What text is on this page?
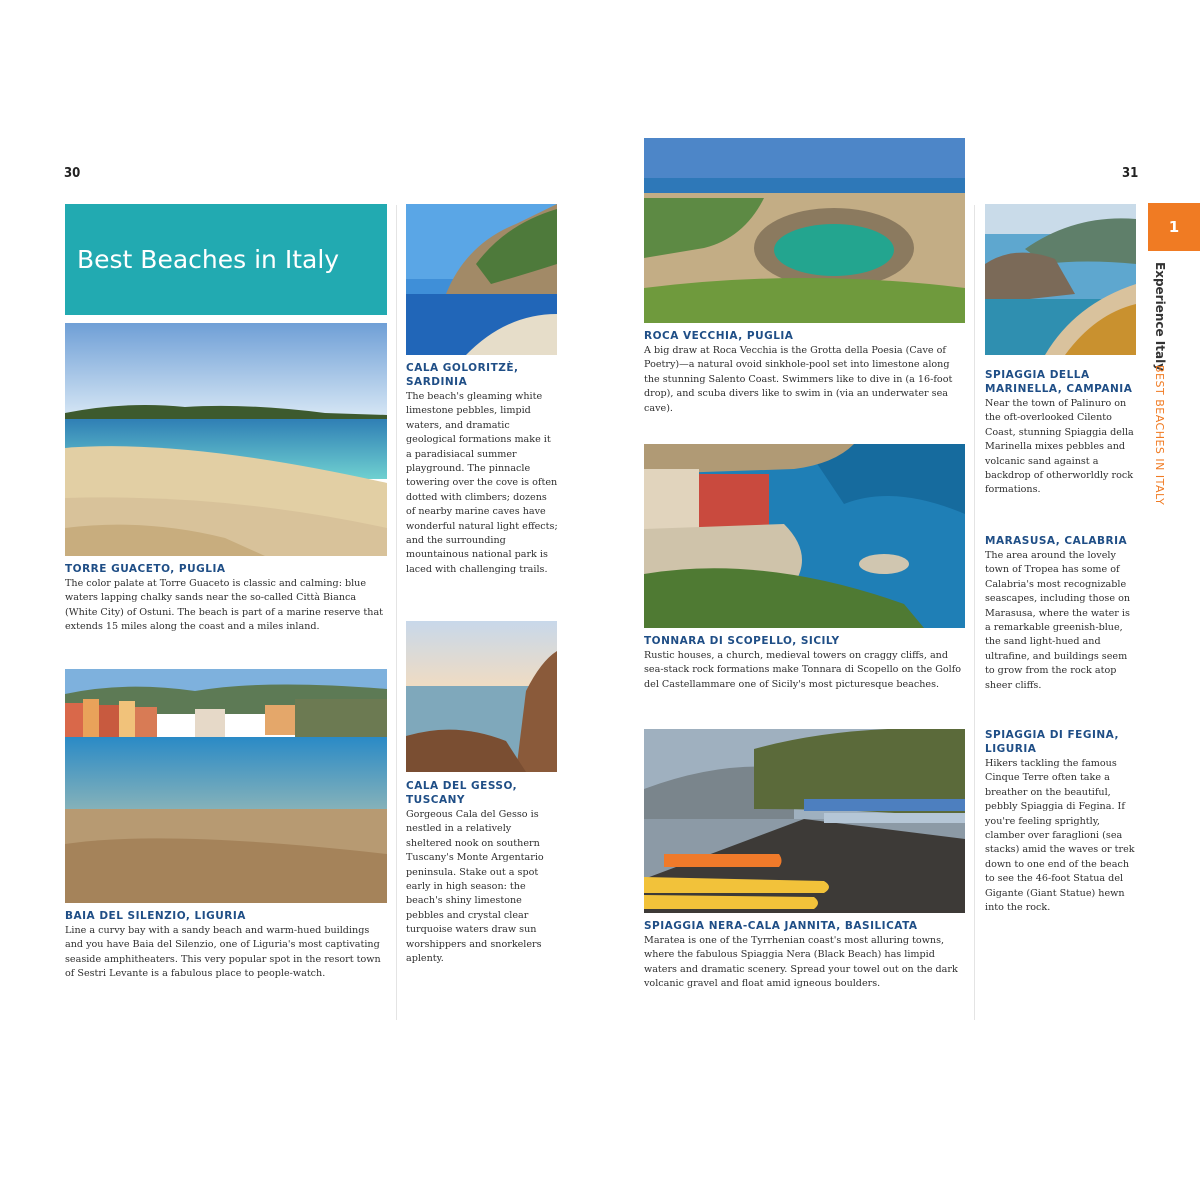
30	31
Best Beaches in Italy
TORRE GUACETO, PUGLIA
The color palate at Torre Guaceto is classic and calming: blue waters lapping chalky sands near the so-called Città Bianca (White City) of Ostuni. The beach is part of a marine reserve that extends 15 miles along the coast and a miles inland.
BAIA DEL SILENZIO, LIGURIA
Line a curvy bay with a sandy beach and warm-hued buildings and you have Baia del Silenzio, one of Liguria's most captivating seaside amphitheaters. This very popular spot in the resort town of Sestri Levante is a fabulous place to people-watch.
CALA GOLORITZÈ, SARDINIA
The beach's gleaming white limestone pebbles, limpid waters, and dramatic geological formations make it a paradisiacal summer playground. The pinnacle towering over the cove is often dotted with climbers; dozens of nearby marine caves have wonderful natural light effects; and the surrounding mountainous national park is laced with challenging trails.
CALA DEL GESSO, TUSCANY
Gorgeous Cala del Gesso is nestled in a relatively sheltered nook on southern Tuscany's Monte Argentario peninsula. Stake out a spot early in high season: the beach's shiny limestone pebbles and crystal clear turquoise waters draw sun worshippers and snorkelers aplenty.
ROCA VECCHIA, PUGLIA
A big draw at Roca Vecchia is the Grotta della Poesia (Cave of Poetry)—a natural ovoid sinkhole-pool set into limestone along the stunning Salento Coast. Swimmers like to dive in (a 16-foot drop), and scuba divers like to swim in (via an underwater sea cave).
TONNARA DI SCOPELLO, SICILY
Rustic houses, a church, medieval towers on craggy cliffs, and sea-stack rock formations make Tonnara di Scopello on the Golfo del Castellammare one of Sicily's most picturesque beaches.
SPIAGGIA NERA-CALA JANNITA, BASILICATA
Maratea is one of the Tyrrhenian coast's most alluring towns, where the fabulous Spiaggia Nera (Black Beach) has limpid waters and dramatic scenery. Spread your towel out on the dark volcanic gravel and float amid igneous boulders.
SPIAGGIA DELLA MARINELLA, CAMPANIA
Near the town of Palinuro on the oft-overlooked Cilento Coast, stunning Spiaggia della Marinella mixes pebbles and volcanic sand against a backdrop of otherworldly rock formations.
MARASUSA, CALABRIA
The area around the lovely town of Tropea has some of Calabria's most recognizable seascapes, including those on Marasusa, where the water is a remarkable greenish-blue, the sand light-hued and ultrafine, and buildings seem to grow from the rock atop sheer cliffs.
SPIAGGIA DI FEGINA, LIGURIA
Hikers tackling the famous Cinque Terre often take a breather on the beautiful, pebbly Spiaggia di Fegina. If you're feeling sprightly, clamber over faraglioni (sea stacks) amid the waves or trek down to one end of the beach to see the 46-foot Statua del Gigante (Giant Statue) hewn into the rock.
1
Experience Italy
BEST BEACHES IN ITALY
